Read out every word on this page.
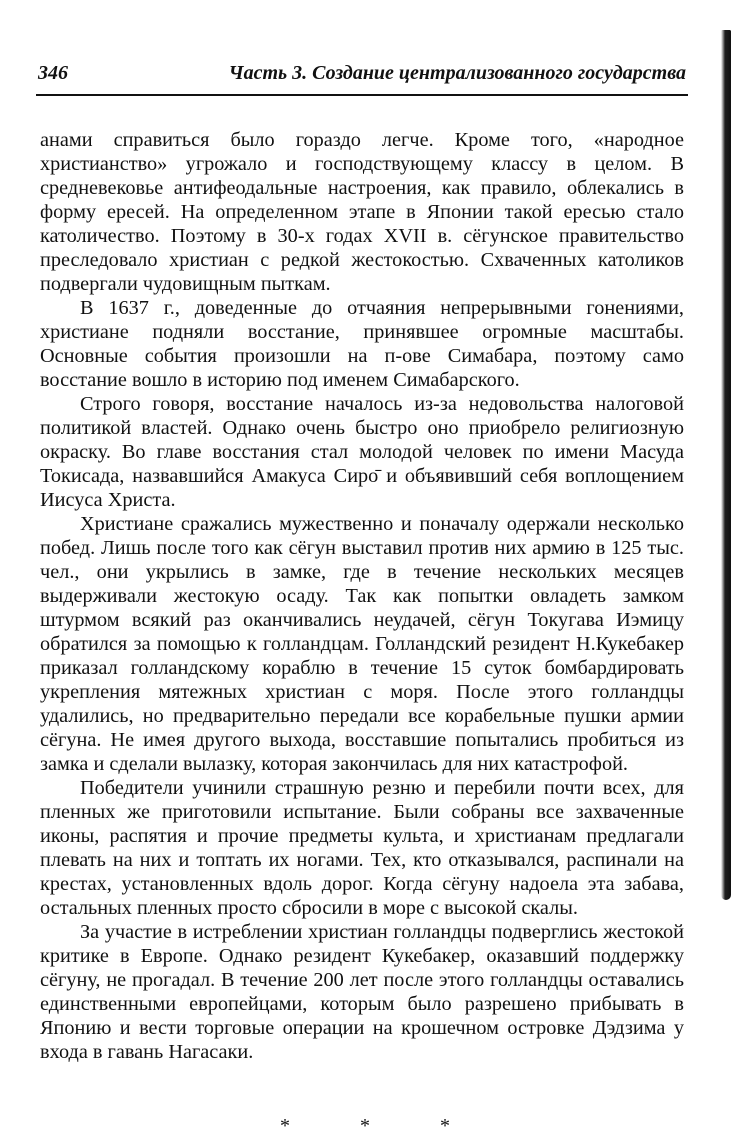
346	Часть 3. Создание централизованного государства

анами справиться было гораздо легче. Кроме того, «народное христианство» угрожало и господствующему классу в целом. В средневековье антифеодальные настроения, как правило, облекались в форму ересей. На определенном этапе в Японии такой ересью стало католичество. Поэтому в 30-х годах XVII в. сёгунское правительство преследовало христиан с редкой жестокостью. Схваченных католиков подвергали чудовищным пыткам.

В 1637 г., доведенные до отчаяния непрерывными гонениями, христиане подняли восстание, принявшее огромные масштабы. Основные события произошли на п-ове Симабара, поэтому само восстание вошло в историю под именем Симабарского.

Строго говоря, восстание началось из-за недовольства налоговой политикой властей. Однако очень быстро оно приобрело религиозную окраску. Во главе восстания стал молодой человек по имени Масуда Токисада, назвавшийся Амакуса Сиро̄ и объявивший себя воплощением Иисуса Христа.

Христиане сражались мужественно и поначалу одержали несколько побед. Лишь после того как сёгун выставил против них армию в 125 тыс. чел., они укрылись в замке, где в течение нескольких месяцев выдерживали жестокую осаду. Так как попытки овладеть замком штурмом всякий раз оканчивались неудачей, сёгун Токугава Иэмицу обратился за помощью к голландцам. Голландский резидент Н.Кукебакер приказал голландскому кораблю в течение 15 суток бомбардировать укрепления мятежных христиан с моря. После этого голландцы удалились, но предварительно передали все корабельные пушки армии сёгуна. Не имея другого выхода, восставшие попытались пробиться из замка и сделали вылазку, которая закончилась для них катастрофой.

Победители учинили страшную резню и перебили почти всех, для пленных же приготовили испытание. Были собраны все захваченные иконы, распятия и прочие предметы культа, и христианам предлагали плевать на них и топтать их ногами. Тех, кто отказывался, распинали на крестах, установленных вдоль дорог. Когда сёгуну надоела эта забава, остальных пленных просто сбросили в море с высокой скалы.

За участие в истреблении христиан голландцы подверглись жестокой критике в Европе. Однако резидент Кукебакер, оказавший поддержку сёгуну, не прогадал. В течение 200 лет после этого голландцы оставались единственными европейцами, которым было разрешено прибывать в Японию и вести торговые операции на крошечном островке Дэдзима у входа в гавань Нагасаки.

*	*	*
